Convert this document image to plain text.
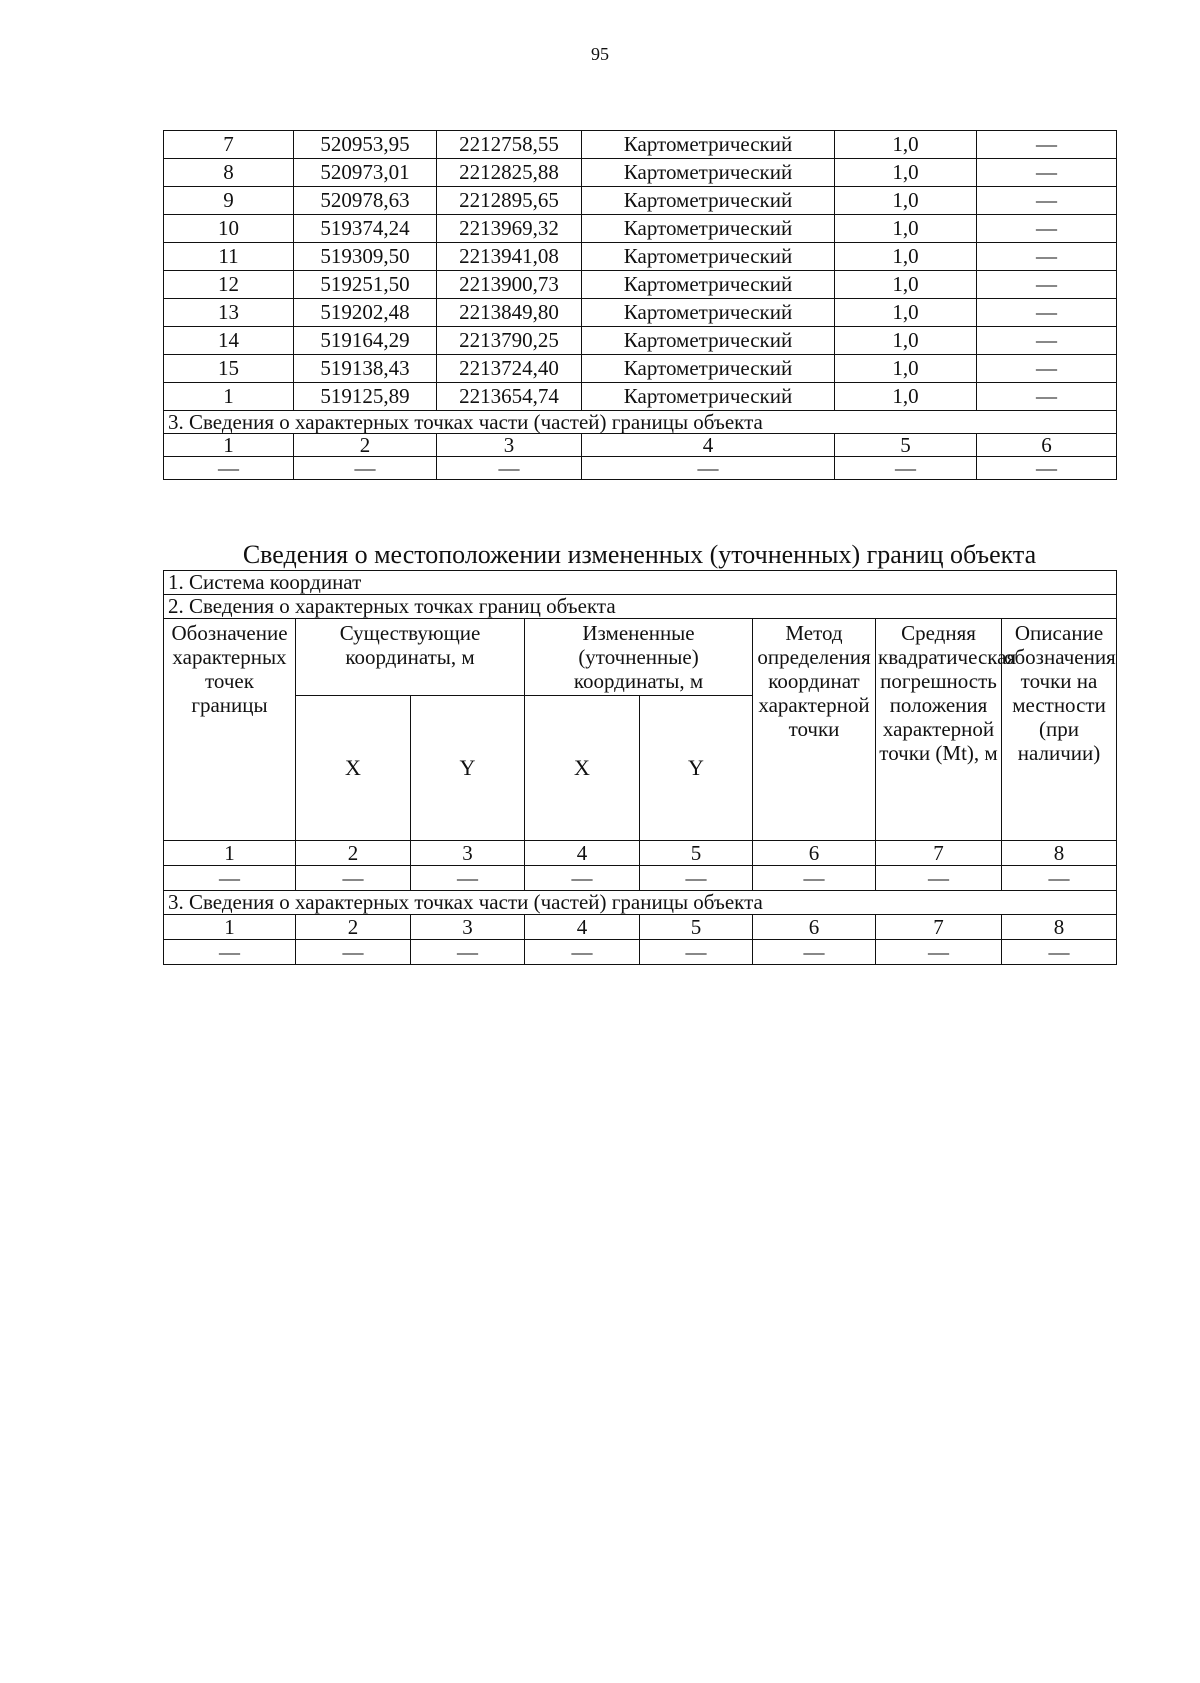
95
7	520953,95	2212758,55	Картометрический	1,0	—
8	520973,01	2212825,88	Картометрический	1,0	—
9	520978,63	2212895,65	Картометрический	1,0	—
10	519374,24	2213969,32	Картометрический	1,0	—
11	519309,50	2213941,08	Картометрический	1,0	—
12	519251,50	2213900,73	Картометрический	1,0	—
13	519202,48	2213849,80	Картометрический	1,0	—
14	519164,29	2213790,25	Картометрический	1,0	—
15	519138,43	2213724,40	Картометрический	1,0	—
1	519125,89	2213654,74	Картометрический	1,0	—
3. Сведения о характерных точках части (частей) границы объекта					
1	2	3	4	5	6
—	—	—	—	—	—
Сведения о местоположении измененных (уточненных) границ объекта
1. Система координат							
2. Сведения о характерных точках границ объекта							
Обозначение характерных точек границы	Существующие координаты, м		Измененные (уточненные) координаты, м		Метод определения координат характерной точки	Средняя квадратическая погрешность положения характерной точки (Mt), м	Описание обозначения точки на местности (при наличии)
	X	Y	X	Y			
1	2	3	4	5	6	7	8
—	—	—	—	—	—	—	—
3. Сведения о характерных точках части (частей) границы объекта							
1	2	3	4	5	6	7	8
—	—	—	—	—	—	—	—
